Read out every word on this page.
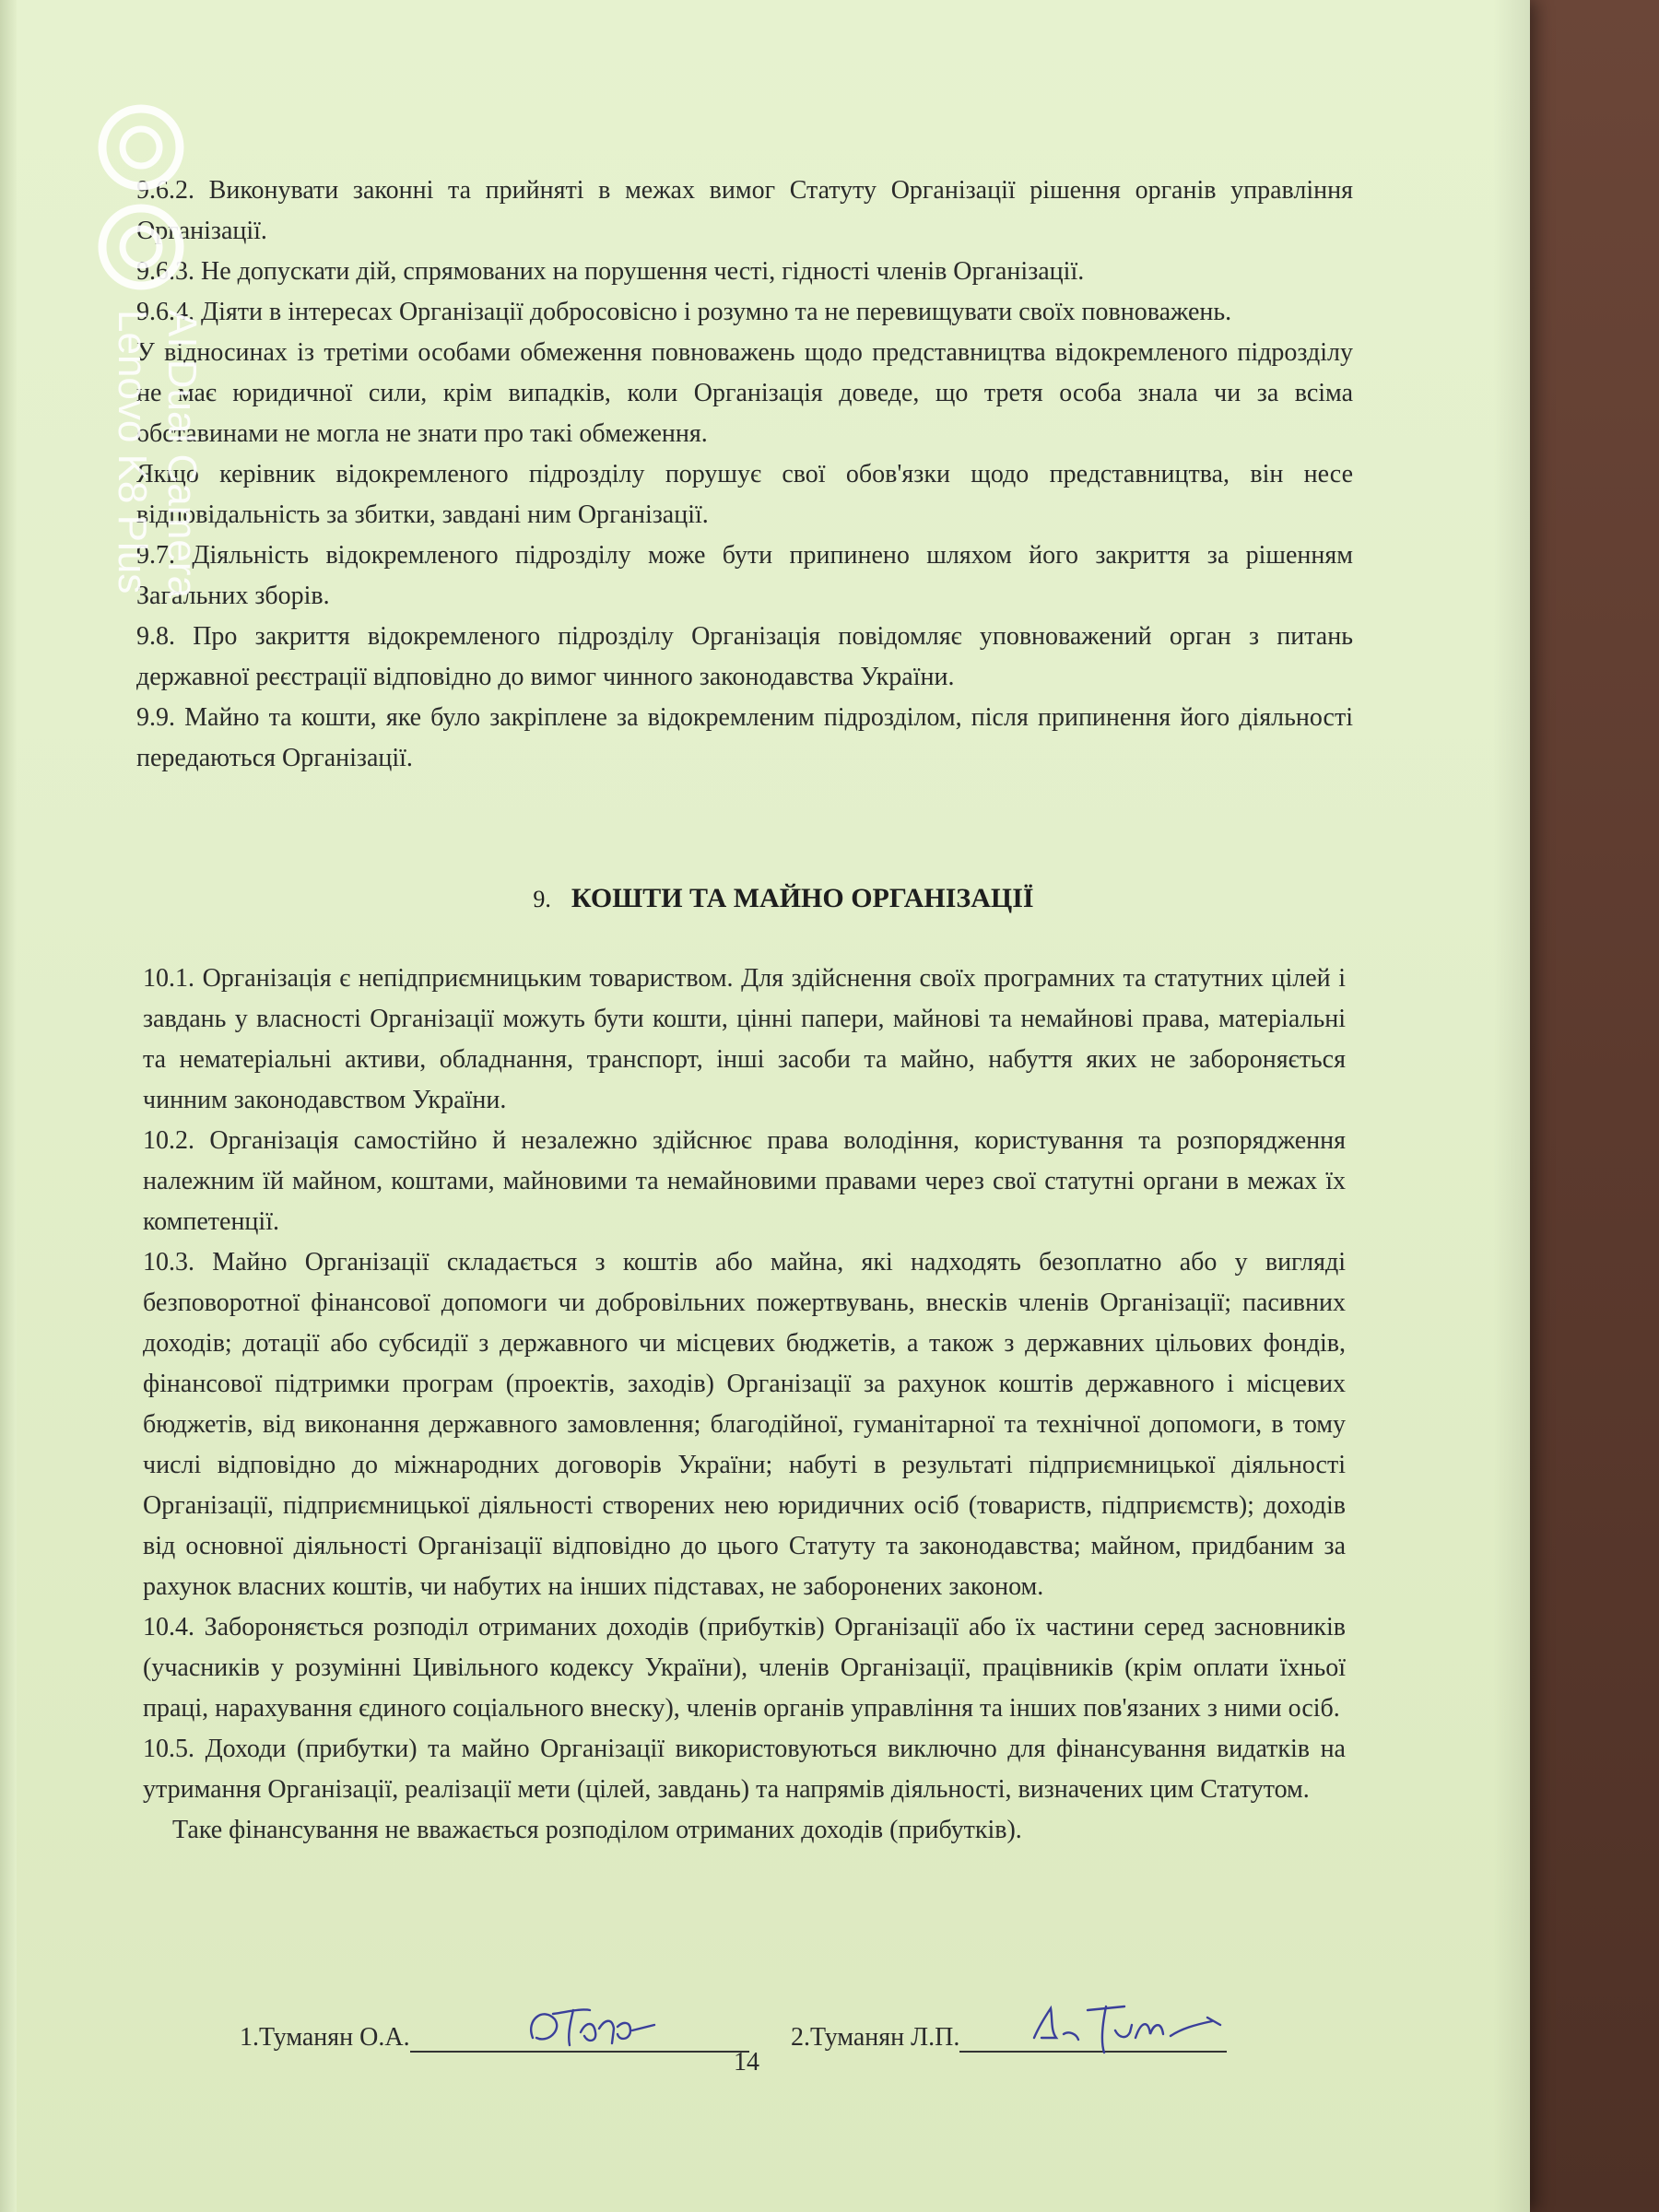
9.6.2. Виконувати законні та прийняті в межах вимог Статуту Організації рішення органів управління Організації.

9.6.3. Не допускати дій, спрямованих на порушення честі, гідності членів Організації.

9.6.4. Діяти в інтересах Організації добросовісно і розумно та не перевищувати своїх повноважень.

У відносинах із третіми особами обмеження повноважень щодо представництва відокремленого підрозділу не має юридичної сили, крім випадків, коли Організація доведе, що третя особа знала чи за всіма обставинами не могла не знати про такі обмеження.

Якщо керівник відокремленого підрозділу порушує свої обов'язки щодо представництва, він несе відповідальність за збитки, завдані ним Організації.

9.7. Діяльність відокремленого підрозділу може бути припинено шляхом його закриття за рішенням Загальних зборів.

9.8. Про закриття відокремленого підрозділу Організація повідомляє уповноважений орган з питань державної реєстрації відповідно до вимог чинного законодавства України.

9.9. Майно та кошти, яке було закріплене за відокремленим підрозділом, після припинення його діяльності передаються Організації.

9. КОШТИ ТА МАЙНО ОРГАНІЗАЦІЇ

10.1. Організація є непідприємницьким товариством. Для здійснення своїх програмних та статутних цілей і завдань у власності Організації можуть бути кошти, цінні папери, майнові та немайнові права, матеріальні та нематеріальні активи, обладнання, транспорт, інші засоби та майно, набуття яких не забороняється чинним законодавством України.

10.2. Організація самостійно й незалежно здійснює права володіння, користування та розпорядження належним їй майном, коштами, майновими та немайновими правами через свої статутні органи в межах їх компетенції.

10.3. Майно Організації складається з коштів або майна, які надходять безоплатно або у вигляді безповоротної фінансової допомоги чи добровільних пожертвувань, внесків членів Організації; пасивних доходів; дотації або субсидії з державного чи місцевих бюджетів, а також з державних цільових фондів, фінансової підтримки програм (проектів, заходів) Організації за рахунок коштів державного і місцевих бюджетів, від виконання державного замовлення; благодійної, гуманітарної та технічної допомоги, в тому числі відповідно до міжнародних договорів України; набуті в результаті підприємницької діяльності Організації, підприємницької діяльності створених нею юридичних осіб (товариств, підприємств); доходів від основної діяльності Організації відповідно до цього Статуту та законодавства; майном, придбаним за рахунок власних коштів, чи набутих на інших підставах, не заборонених законом.

10.4. Забороняється розподіл отриманих доходів (прибутків) Організації або їх частини серед засновників (учасників у розумінні Цивільного кодексу України), членів Організації, працівників (крім оплати їхньої праці, нарахування єдиного соціального внеску), членів органів управління та інших пов'язаних з ними осіб.

10.5. Доходи (прибутки) та майно Організації використовуються виключно для фінансування видатків на утримання Організації, реалізації мети (цілей, завдань) та напрямів діяльності, визначених цим Статутом.

Таке фінансування не вважається розподілом отриманих доходів (прибутків).

1.Туманян О.А.	2.Туманян Л.П.
14
Lenovo K8 Plus AI Dual Camera
